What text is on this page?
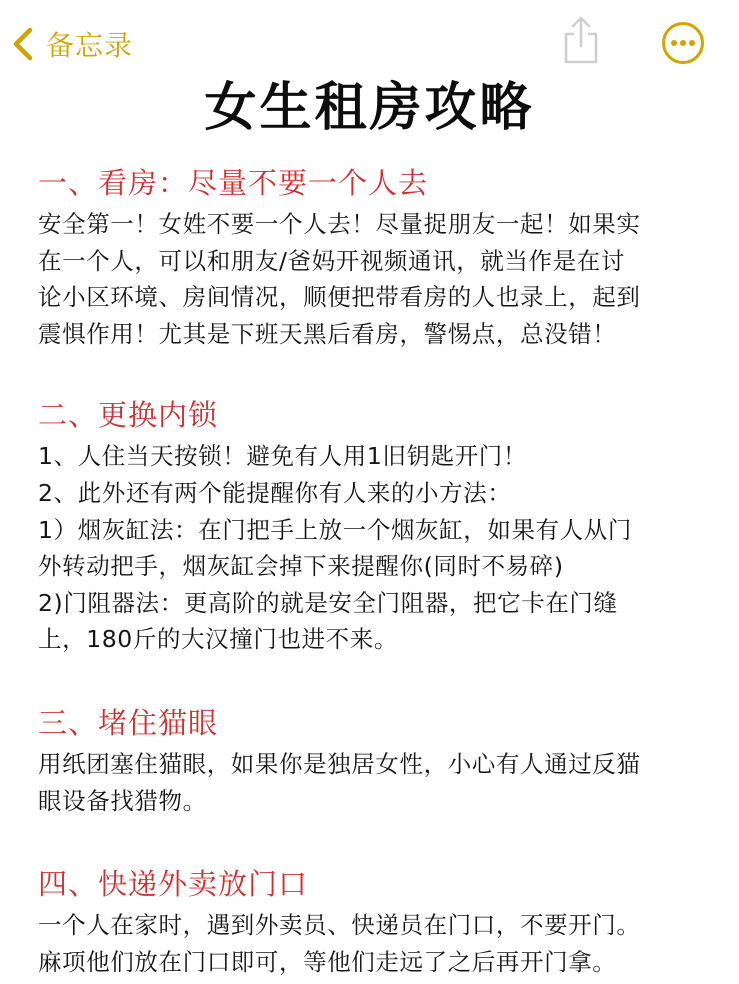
备忘录
女生租房攻略
一、看房：尽量不要一个人去
安全第一！女姓不要一个人去！尽量捉朋友一起！如果实
在一个人，可以和朋友/爸妈开视频通讯，就当作是在讨
论小区环境、房间情况，顺便把带看房的人也录上，起到
震惧作用！尤其是下班天黑后看房，警惕点，总没错！
二、更换内锁
1、人住当天按锁！避免有人用1旧钥匙开门！
2、此外还有两个能提醒你有人来的小方法：
1）烟灰缸法：在门把手上放一个烟灰缸，如果有人从门
外转动把手，烟灰缸会掉下来提醒你(同时不易碎)
2)门阻器法：更高阶的就是安全门阻器，把它卡在门缝
上，180斤的大汉撞门也进不来。
三、堵住猫眼
用纸团塞住猫眼，如果你是独居女性，小心有人通过反猫
眼设备找猎物。
四、快递外卖放门口
一个人在家时，遇到外卖员、快递员在门口，不要开门。
麻项他们放在门口即可，等他们走远了之后再开门拿。
